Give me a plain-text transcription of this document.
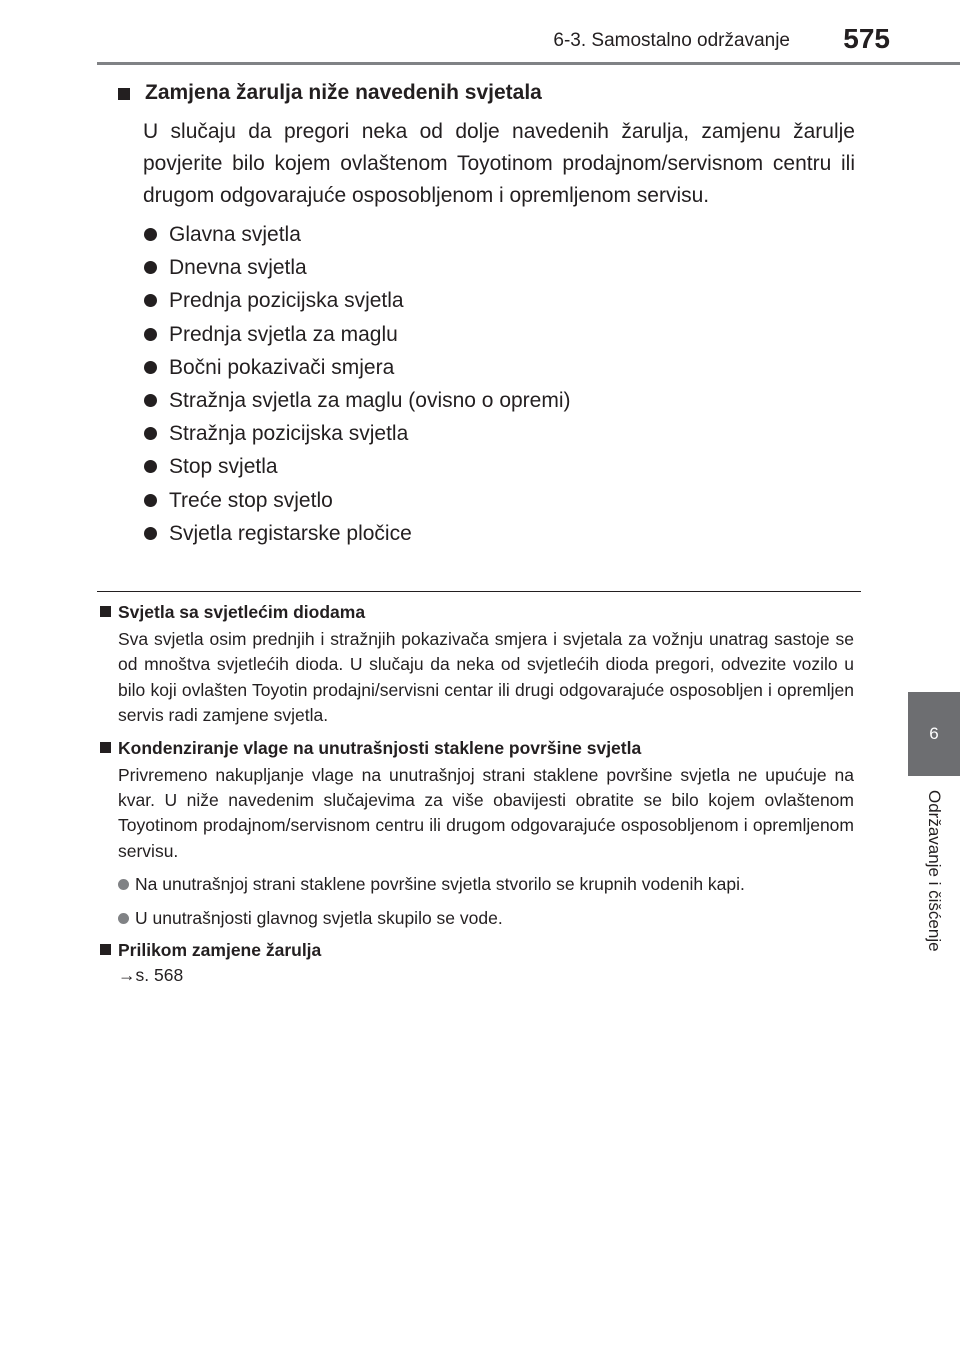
6-3. Samostalno održavanje 575
6
Održavanje i čišćenje
Zamjena žarulja niže navedenih svjetala
U slučaju da pregori neka od dolje navedenih žarulja, zamjenu žarulje povjerite bilo kojem ovlaštenom Toyotinom prodajnom/servisnom centru ili drugom odgovarajuće osposobljenom i opremljenom servisu.
Glavna svjetla
Dnevna svjetla
Prednja pozicijska svjetla
Prednja svjetla za maglu
Bočni pokazivači smjera
Stražnja svjetla za maglu (ovisno o opremi)
Stražnja pozicijska svjetla
Stop svjetla
Treće stop svjetlo
Svjetla registarske pločice
Svjetla sa svjetlećim diodama
Sva svjetla osim prednjih i stražnjih pokazivača smjera i svjetala za vožnju unatrag sastoje se od mnoštva svjetlećih dioda. U slučaju da neka od svjetlećih dioda pregori, odvezite vozilo u bilo koji ovlašten Toyotin prodajni/servisni centar ili drugi odgovarajuće osposobljen i opremljen servis radi zamjene svjetla.
Kondenziranje vlage na unutrašnjosti staklene površine svjetla
Privremeno nakupljanje vlage na unutrašnjoj strani staklene površine svjetla ne upućuje na kvar. U niže navedenim slučajevima za više obavijesti obratite se bilo kojem ovlaštenom Toyotinom prodajnom/servisnom centru ili drugom odgovarajuće osposobljenom i opremljenom servisu.
Na unutrašnjoj strani staklene površine svjetla stvorilo se krupnih vodenih kapi.
U unutrašnjosti glavnog svjetla skupilo se vode.
Prilikom zamjene žarulja
→s. 568
